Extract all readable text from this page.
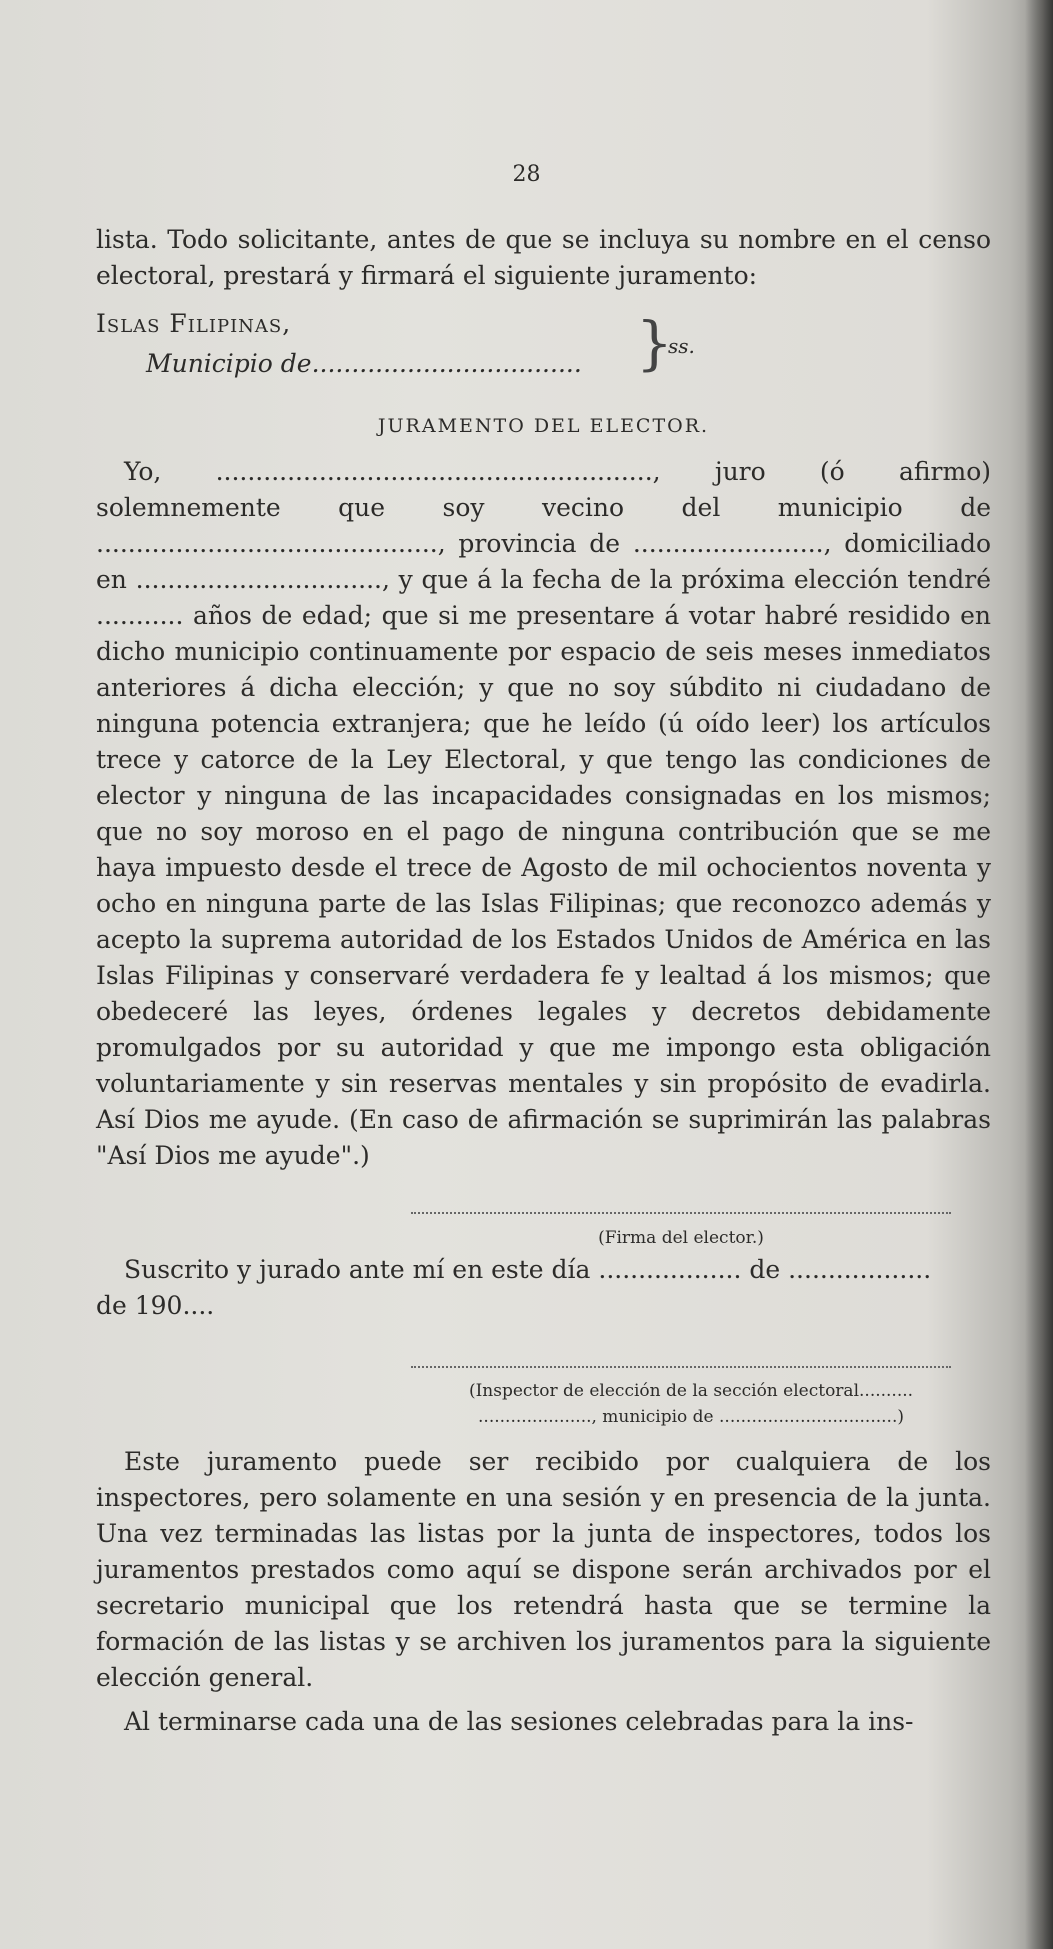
28

lista. Todo solicitante, antes de que se incluya su nombre en el censo electoral, prestará y firmará el siguiente juramento:

Islas Filipinas,
Municipio de.................................. }
ss.
JURAMENTO DEL ELECTOR.

Yo, ......................................................., juro (ó afirmo) solemnemente que soy vecino del municipio de ..........................................., provincia de ........................, domiciliado en ..............................., y que á la fecha de la próxima elección tendré ........... años de edad; que si me presentare á votar habré residido en dicho municipio continuamente por espacio de seis meses inmediatos anteriores á dicha elección; y que no soy súbdito ni ciudadano de ninguna potencia extranjera; que he leído (ú oído leer) los artículos trece y catorce de la Ley Electoral, y que tengo las condiciones de elector y ninguna de las incapacidades consignadas en los mismos; que no soy moroso en el pago de ninguna contribución que se me haya impuesto desde el trece de Agosto de mil ochocientos noventa y ocho en ninguna parte de las Islas Filipinas; que reconozco además y acepto la suprema autoridad de los Estados Unidos de América en las Islas Filipinas y conservaré verdadera fe y lealtad á los mismos; que obedeceré las leyes, órdenes legales y decretos debidamente promulgados por su autoridad y que me impongo esta obligación voluntariamente y sin reservas mentales y sin propósito de evadirla. Así Dios me ayude. (En caso de afirmación se suprimirán las palabras "Así Dios me ayude".)

(Firma del elector.)

Suscrito y jurado ante mí en este día .................. de ..................

de 190....

(Inspector de elección de la sección electoral..........
....................., municipio de .................................)

Este juramento puede ser recibido por cualquiera de los inspectores, pero solamente en una sesión y en presencia de la junta. Una vez terminadas las listas por la junta de inspectores, todos los juramentos prestados como aquí se dispone serán archivados por el secretario municipal que los retendrá hasta que se termine la formación de las listas y se archiven los juramentos para la siguiente elección general.

Al terminarse cada una de las sesiones celebradas para la ins-
